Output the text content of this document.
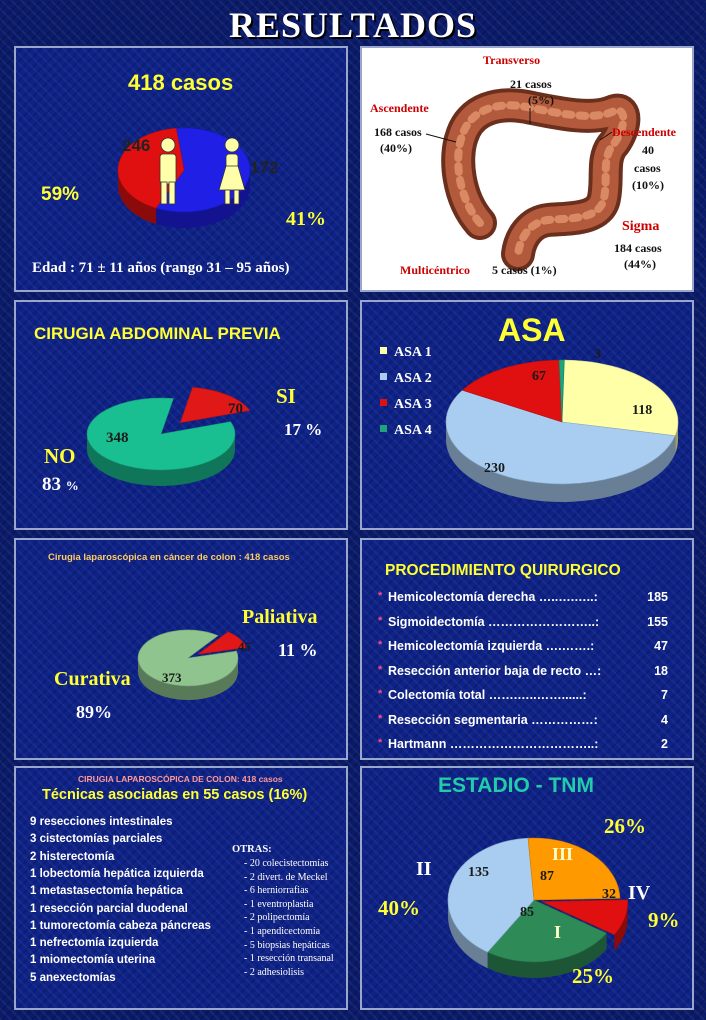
RESULTADOS
418 casos
246
172
59%
41%
Edad : 71 ± 11 años (rango 31 – 95 años)
Transverso
21 casos
(5%)
Ascendente
168 casos
(40%)
Descendente
40
casos
(10%)
Sigma
184 casos
(44%)
Multicéntrico 5 casos (1%)
CIRUGIA ABDOMINAL PREVIA
348
70
SI
17 %
NO
83 %
ASA
118
230
67
3
ASA 1
ASA 2
ASA 3
ASA 4
Cirugia laparoscópica en cáncer de colon : 418 casos
373
45
Paliativa
11 %
Curativa
89%
PROCEDIMIENTO QUIRURGICO
* Hemicolectomía derecha …..….…..:	185
* Sigmoidectomía ……………………..:	155
* Hemicolectomía izquierda ….…….:	47
* Resección anterior baja de recto …:	18
* Colectomía total …….…..……......:	7
* Resección segmentaria ……………:	4
* Hartmann ……………………………..:	2
CIRUGIA LAPAROSCÓPICA DE COLON: 418 casos
Técnicas asociadas en 55 casos (16%)
9 resecciones intestinales
3 cistectomías parciales
2 histerectomía
1 lobectomía hepática izquierda
1 metastasectomía hepática
1 resección parcial duodenal
1 tumorectomía cabeza páncreas
1 nefrectomía izquierda
1 miomectomía uterina
5 anexectomías
OTRAS:
- 20 colecistectomías
- 2 divert. de Meckel
- 6 herniorrafias
- 1 eventroplastia
- 2 polipectomía
- 1 apendicectomía
- 5 biopsias hepáticas
- 1 resección transanal
- 2 adhesiolisis
ESTADIO - TNM
135	87
32
85
III
I
II
IV
40%
26%
9%
25%
